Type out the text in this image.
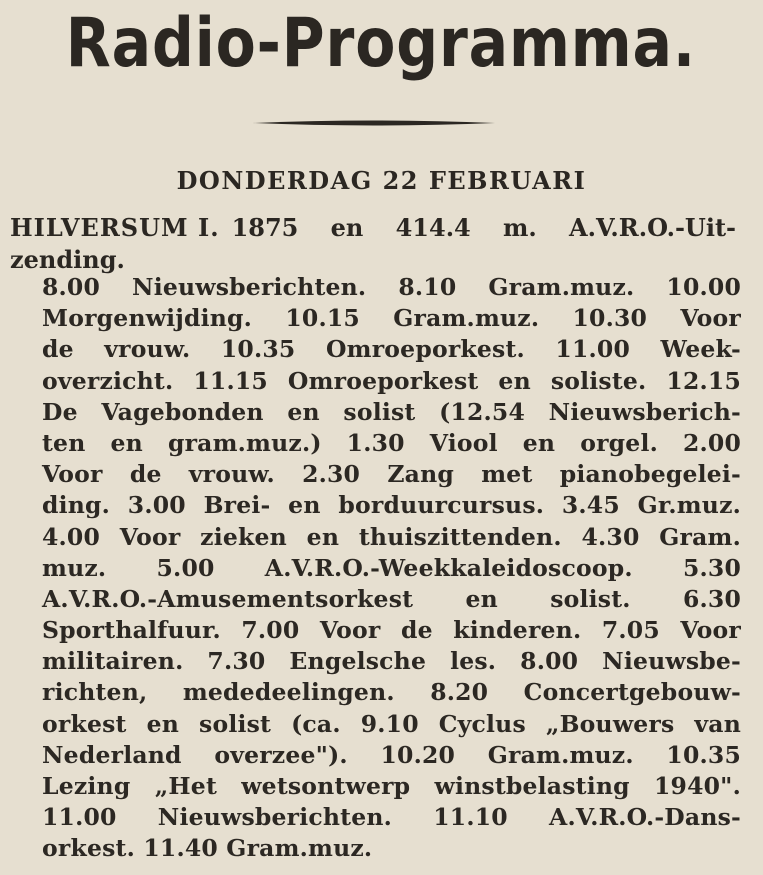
Radio-Programma.
DONDERDAG 22 FEBRUARI
HILVERSUM I. 1875 en 414.4 m. A.V.R.O.-Uit-
zending.
8.00 Nieuwsberichten. 8.10 Gram.muz. 10.00
Morgenwijding. 10.15 Gram.muz. 10.30 Voor
de vrouw. 10.35 Omroeporkest. 11.00 Week-
overzicht. 11.15 Omroeporkest en soliste. 12.15
De Vagebonden en solist (12.54 Nieuwsberich-
ten en gram.muz.) 1.30 Viool en orgel. 2.00
Voor de vrouw. 2.30 Zang met pianobegelei-
ding. 3.00 Brei- en borduurcursus. 3.45 Gr.muz.
4.00 Voor zieken en thuiszittenden. 4.30 Gram.
muz. 5.00 A.V.R.O.-Weekkaleidoscoop. 5.30
A.V.R.O.-Amusementsorkest en solist. 6.30
Sporthalfuur. 7.00 Voor de kinderen. 7.05 Voor
militairen. 7.30 Engelsche les. 8.00 Nieuwsbe-
richten, mededeelingen. 8.20 Concertgebouw-
orkest en solist (ca. 9.10 Cyclus „Bouwers van
Nederland overzee"). 10.20 Gram.muz. 10.35
Lezing „Het wetsontwerp winstbelasting 1940".
11.00 Nieuwsberichten. 11.10 A.V.R.O.-Dans-
orkest. 11.40 Gram.muz.
